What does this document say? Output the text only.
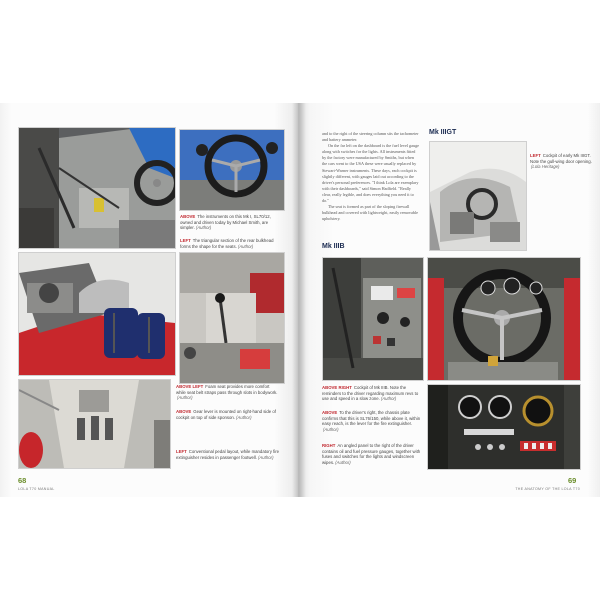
ABOVE The instruments on this Mk I, SL70/12, owned and driven today by Michael Smith, are simpler.(Author)

LEFT The triangular section of the rear bulkhead forms the shape for the seats.(Author)

ABOVE LEFT Foam seat provides more comfort while seat belt straps pass through slots in bodywork.(Author)

ABOVE Gear lever is mounted on right-hand side of cockpit on top of side sponson.(Author)

LEFT Conventional pedal layout, while mandatory fire extinguisher resides in passenger footwell.(Author)

68
LOLA T70 MANUAL

and to the right of the steering column sits the tachometer and battery ammeter.

On the far left on the dashboard is the fuel level gauge along with switches for the lights. All instruments fitted by the factory were manufactured by Smiths, but when the cars went to the USA these were usually replaced by Stewart-Warner instruments. These days, each cockpit is slightly different, with gauges laid out according to the driver's personal preferences. "I think Lola are exemplary with their dashboards," said Simon Hadfield. "Really clear, really legible, and does everything you need it to do."

The seat is formed as part of the sloping firewall bulkhead and covered with lightweight, easily removable upholstery.

Mk IIIGT

LEFT Cockpit of early Mk IIIGT. Note the gull-wing door opening.(Lola Heritage)

Mk IIIB

ABOVE RIGHT Cockpit of Mk IIIB. Note the reminders to the driver regarding maximum revs to use and speed in a slow zone.(Author)

ABOVE To the driver's right, the chassis plate confirms that this is SL76/150, while above it, within easy reach, is the lever for the fire extinguisher.(Author)

RIGHT An angled panel to the right of the driver contains oil and fuel pressure gauges, together with fuses and switches for the lights and windscreen wipes.(Author)

69
THE ANATOMY OF THE LOLA T70
